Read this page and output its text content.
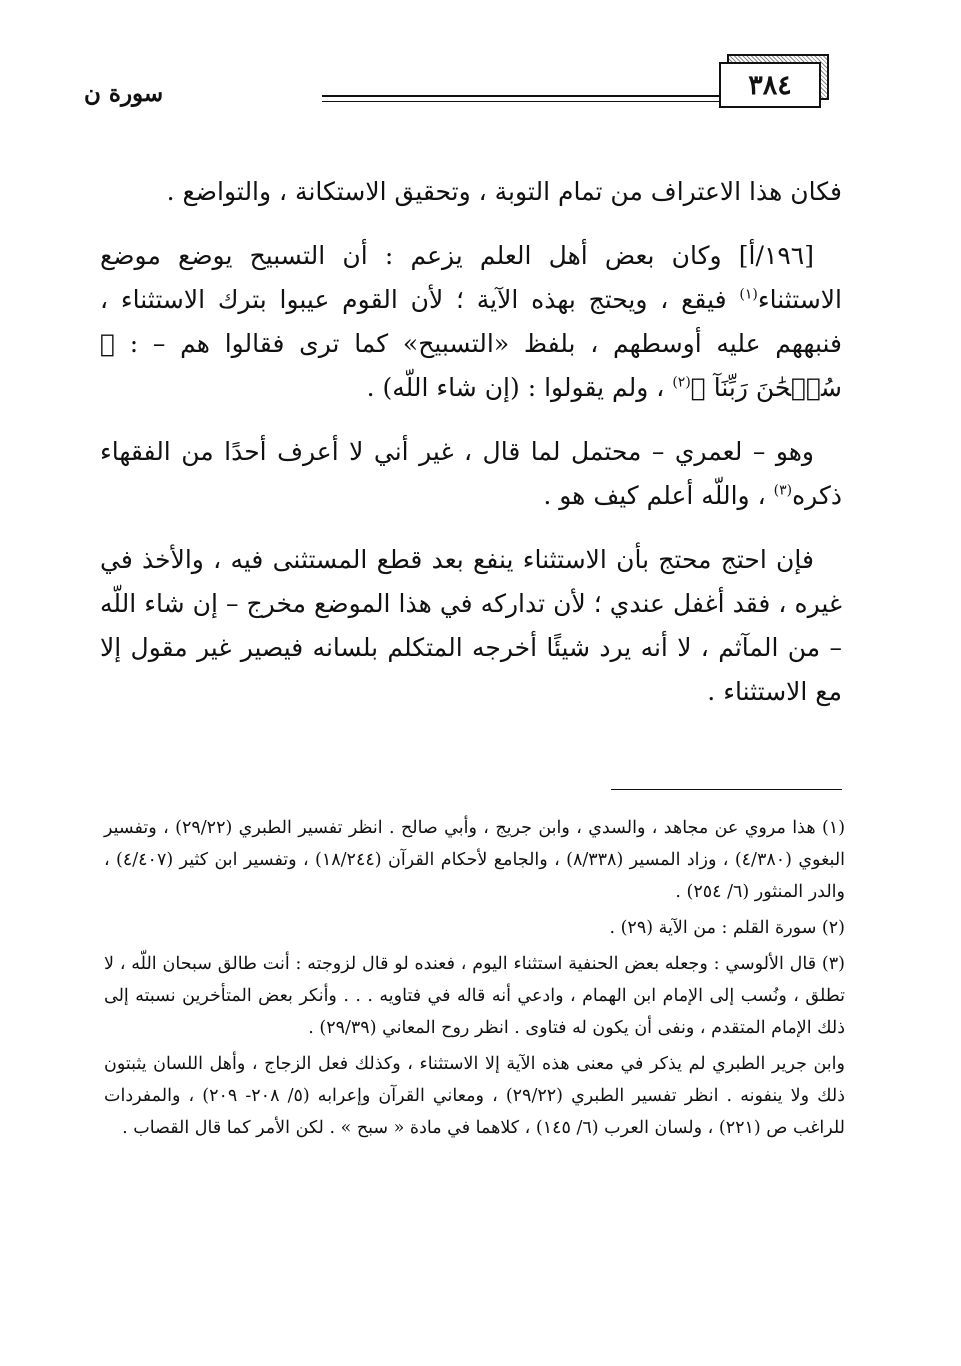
٣٨٤
سورة ن

فكان هذا الاعتراف من تمام التوبة ، وتحقيق الاستكانة ، والتواضع .

[١٩٦/أ] وكان بعض أهل العلم يزعم : أن التسبيح يوضع موضع الاستثناء$^{(١)}$ فيقع ، ويحتج بهذه الآية ؛ لأن القوم عيبوا بترك الاستثناء ، فنبههم عليه أوسطهم ، بلفظ «التسبيح» كما ترى فقالوا هم – : ﴿ سُبۡحَٰنَ رَبِّنَآ ﴾$^{(٢)}$ ، ولم يقولوا : (إن شاء اللّه) .

وهو – لعمري – محتمل لما قال ، غير أني لا أعرف أحدًا من الفقهاء ذكره$^{(٣)}$ ، واللّه أعلم كيف هو .

فإن احتج محتج بأن الاستثناء ينفع بعد قطع المستثنى فيه ، والأخذ في غيره ، فقد أغفل عندي ؛ لأن تداركه في هذا الموضع مخرج – إن شاء اللّه – من المآثم ، لا أنه يرد شيئًا أخرجه المتكلم بلسانه فيصير غير مقول إلا مع الاستثناء .

(١) هذا مروي عن مجاهد ، والسدي ، وابن جريج ، وأبي صالح . انظر تفسير الطبري (٢٩/٢٢) ، وتفسير البغوي (٤/٣٨٠) ، وزاد المسير (٨/٣٣٨) ، والجامع لأحكام القرآن (١٨/٢٤٤) ، وتفسير ابن كثير (٤/٤٠٧) ، والدر المنثور (٦/ ٢٥٤) .

(٢) سورة القلم : من الآية (٢٩) .

(٣) قال الألوسي : وجعله بعض الحنفية استثناء اليوم ، فعنده لو قال لزوجته : أنت طالق سبحان اللّه ، لا تطلق ، ونُسب إلى الإمام ابن الهمام ، وادعي أنه قاله في فتاويه . . . وأنكر بعض المتأخرين نسبته إلى ذلك الإمام المتقدم ، ونفى أن يكون له فتاوى . انظر روح المعاني (٢٩/٣٩) .

وابن جرير الطبري لم يذكر في معنى هذه الآية إلا الاستثناء ، وكذلك فعل الزجاج ، وأهل اللسان يثبتون ذلك ولا ينفونه . انظر تفسير الطبري (٢٩/٢٢) ، ومعاني القرآن وإعرابه (٥/ ٢٠٨- ٢٠٩) ، والمفردات للراغب ص (٢٢١) ، ولسان العرب (٦/ ١٤٥) ، كلاهما في مادة « سبح » . لكن الأمر كما قال القصاب .
